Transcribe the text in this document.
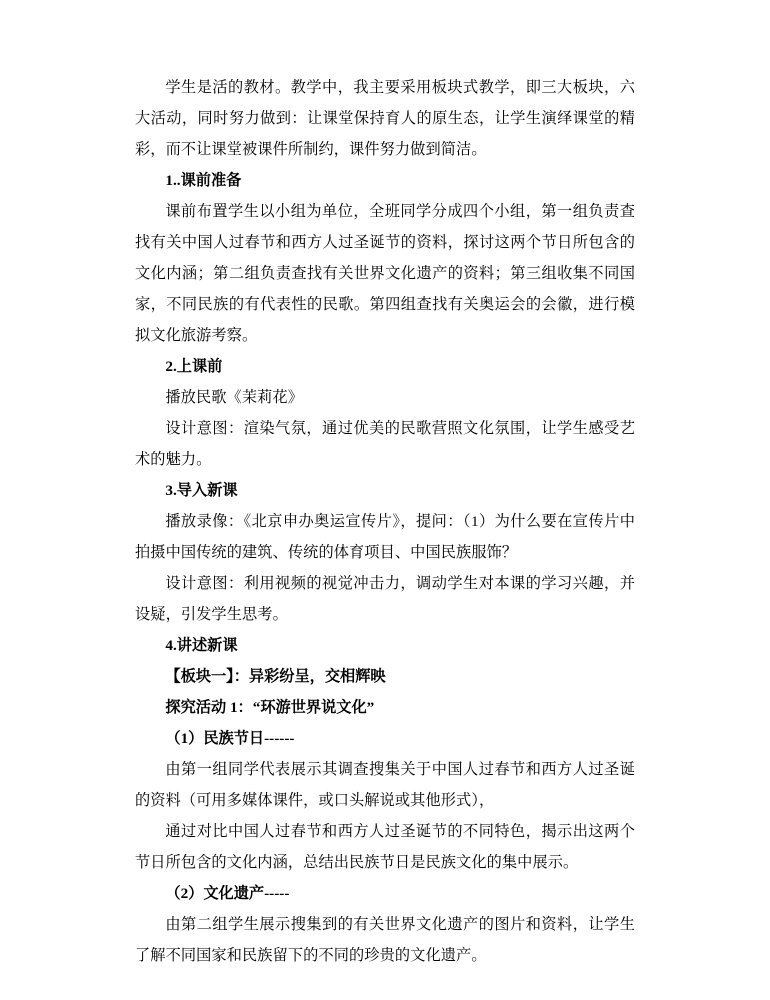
学生是活的教材。教学中，我主要采用板块式教学，即三大板块，六大活动，同时努力做到：让课堂保持育人的原生态，让学生演绎课堂的精彩，而不让课堂被课件所制约，课件努力做到简洁。

1..课前准备

课前布置学生以小组为单位，全班同学分成四个小组，第一组负责查找有关中国人过春节和西方人过圣诞节的资料，探讨这两个节日所包含的文化内涵；第二组负责查找有关世界文化遗产的资料；第三组收集不同国家，不同民族的有代表性的民歌。第四组查找有关奥运会的会徽，进行模拟文化旅游考察。

2.上课前

播放民歌《茉莉花》

设计意图：渲染气氛，通过优美的民歌营照文化氛围，让学生感受艺术的魅力。

3.导入新课

播放录像：《北京申办奥运宣传片》，提问：（1）为什么要在宣传片中拍摄中国传统的建筑、传统的体育项目、中国民族服饰？

设计意图：利用视频的视觉冲击力，调动学生对本课的学习兴趣，并设疑，引发学生思考。

4.讲述新课

【板块一】：异彩纷呈，交相辉映

探究活动 1：“环游世界说文化”

（1）民族节日------

由第一组同学代表展示其调查搜集关于中国人过春节和西方人过圣诞的资料（可用多媒体课件，或口头解说或其他形式），

通过对比中国人过春节和西方人过圣诞节的不同特色，揭示出这两个节日所包含的文化内涵，总结出民族节日是民族文化的集中展示。

（2）文化遗产-----

由第二组学生展示搜集到的有关世界文化遗产的图片和资料，让学生了解不同国家和民族留下的不同的珍贵的文化遗产。
